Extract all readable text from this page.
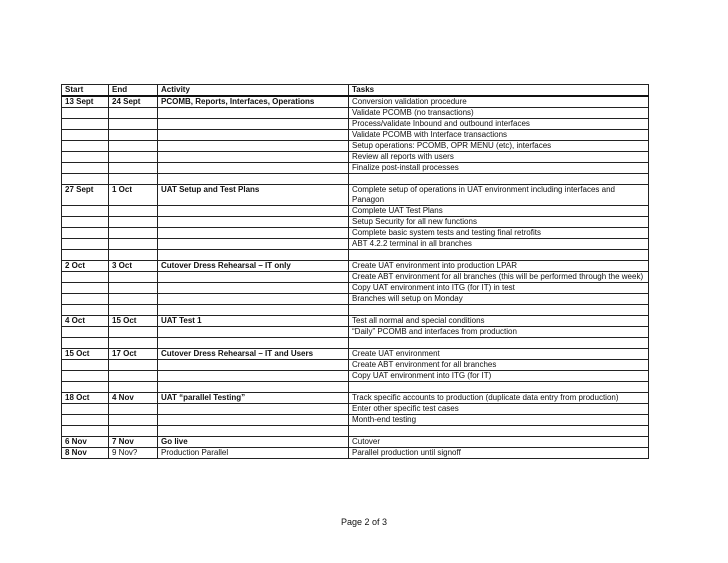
Start	End	Activity	Tasks
13 Sept	24 Sept	PCOMB, Reports, Interfaces, Operations	Conversion validation procedure
			Validate PCOMB (no transactions)
			Process/validate Inbound and outbound interfaces
			Validate PCOMB with Interface transactions
			Setup operations: PCOMB, OPR MENU (etc), interfaces
			Review all reports with users
			Finalize post-install processes

27 Sept	1 Oct	UAT Setup and Test Plans	Complete setup of operations in UAT environment including interfaces and Panagon
			Complete UAT Test Plans
			Setup Security for all new functions
			Complete basic system tests and testing final retrofits
			ABT 4.2.2 terminal in all branches

2 Oct	3 Oct	Cutover Dress Rehearsal – IT only	Create UAT environment into production LPAR
			Create ABT environment for all branches (this will be performed through the week)
			Copy UAT environment into ITG (for IT) in test
			Branches will setup on Monday

4 Oct	15 Oct	UAT Test 1	Test all normal and special conditions
			“Daily” PCOMB and interfaces from production

15 Oct	17 Oct	Cutover Dress Rehearsal – IT and Users	Create UAT environment
			Create ABT environment for all branches
			Copy UAT environment into ITG (for IT)

18 Oct	4 Nov	UAT “parallel Testing”	Track specific accounts to production (duplicate data entry from production)
			Enter other specific test cases
			Month-end testing

6 Nov	7 Nov	Go live	Cutover
8 Nov	9 Nov?	Production Parallel	Parallel production until signoff
Page 2 of 3
